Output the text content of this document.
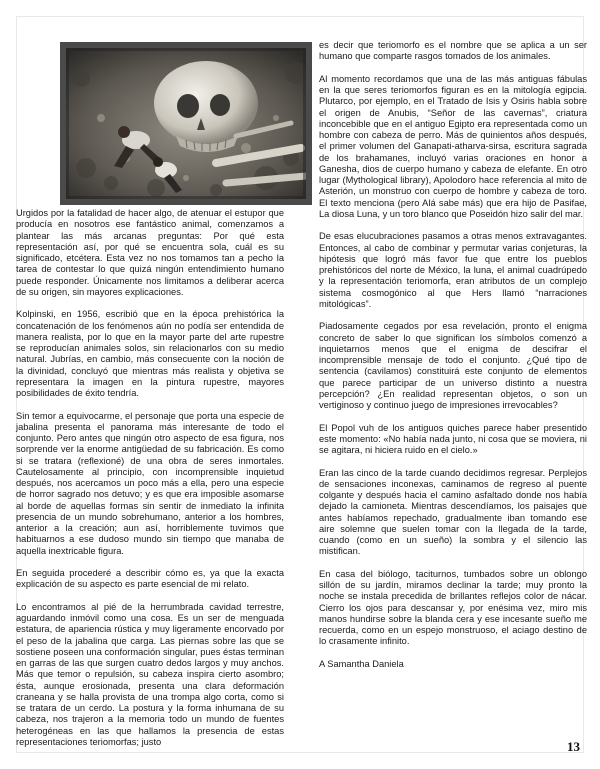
Urgidos por la fatalidad de hacer algo, de atenuar el estupor que producía en nosotros ese fantástico animal, comenzamos a plantear las más arcanas preguntas: Por qué esta representación así, por qué se encuentra sola, cuál es su significado, etcétera. Esta vez no nos tomamos tan a pecho la tarea de contestar lo que quizá ningún entendimiento humano puede responder. Únicamente nos limitamos a deliberar acerca de su origen, sin mayores explicaciones.

Kolpinski, en 1956, escribió que en la época prehistórica la concatenación de los fenómenos aún no podía ser entendida de manera realista, por lo que en la mayor parte del arte rupestre se reproducían animales solos, sin relacionarlos con su medio natural. Jubrías, en cambio, más consecuente con la noción de la divinidad, concluyó que mientras más realista y objetiva se representara la imagen en la pintura rupestre, mayores posibilidades de éxito tendría.

Sin temor a equivocarme, el personaje que porta una especie de jabalina presenta el panorama más interesante de todo el conjunto. Pero antes que ningún otro aspecto de esa figura, nos sorprende ver la enorme antigüedad de su fabricación. Es como si se tratara (reflexioné) de una obra de seres inmortales. Cautelosamente al principio, con incomprensible inquietud después, nos acercamos un poco más a ella, pero una especie de horror sagrado nos detuvo; y es que era imposible asomarse al borde de aquellas formas sin sentir de inmediato la infinita presencia de un mundo sobrehumano, anterior a los hombres, anterior a la creación; aun así, horriblemente tuvimos que habituarnos a ese dudoso mundo sin tiempo que manaba de aquella inextricable figura.

En seguida procederé a describir cómo es, ya que la exacta explicación de su aspecto es parte esencial de mi relato.

Lo encontramos al pié de la herrumbrada cavidad terrestre, aguardando inmóvil como una cosa. Es un ser de menguada estatura, de apariencia rústica y muy ligeramente encorvado por el peso de la jabalina que carga. Las piernas sobre las que se sostiene poseen una conformación singular, pues éstas terminan en garras de las que surgen cuatro dedos largos y muy anchos. Más que temor o repulsión, su cabeza inspira cierto asombro; ésta, aunque erosionada, presenta una clara deformación craneana y se halla provista de una trompa algo corta, como si se tratara de un cerdo. La postura y la forma inhumana de su cabeza, nos trajeron a la memoria todo un mundo de fuentes heterogéneas en las que hallamos la presencia de estas representaciones teriomorfas; justo

es decir que teriomorfo es el nombre que se aplica a un ser humano que comparte rasgos tomados de los animales.

Al momento recordamos que una de las más antiguas fábulas en la que seres teriomorfos figuran es en la mitología egipcia. Plutarco, por ejemplo, en el Tratado de Isis y Osiris habla sobre el origen de Anubis, “Señor de las cavernas”, criatura inconcebible que en el antiguo Egipto era representada como un hombre con cabeza de perro. Más de quinientos años después, el primer volumen del Ganapati-atharva-sirsa, escritura sagrada de los brahamanes, incluyó varias oraciones en honor a Ganesha, dios de cuerpo humano y cabeza de elefante. En otro lugar (Mythological library), Apolodoro hace referencia al mito de Asterión, un monstruo con cuerpo de hombre y cabeza de toro. El texto menciona (pero Alá sabe más) que era hijo de Pasifae, La diosa Luna, y un toro blanco que Poseidón hizo salir del mar.

De esas elucubraciones pasamos a otras menos extravagantes. Entonces, al cabo de combinar y permutar varias conjeturas, la hipótesis que logró más favor fue que entre los pueblos prehistóricos del norte de México, la luna, el animal cuadrúpedo y la representación teriomorfa, eran atributos de un complejo sistema cosmogónico al que Hers llamó “narraciones mitológicas”.

Piadosamente cegados por esa revelación, pronto el enigma concreto de saber lo que significan los símbolos comenzó a inquietarnos menos que el enigma de descifrar el incomprensible mensaje de todo el conjunto. ¿Qué tipo de sentencia (cavilamos) constituirá este conjunto de elementos que parece participar de un universo distinto a nuestra percepción? ¿En realidad representan objetos, o son un vertiginoso y continuo juego de impresiones irrevocables?

El Popol vuh de los antiguos quiches parece haber presentido este momento: «No había nada junto, ni cosa que se moviera, ni se agitara, ni hiciera ruido en el cielo.»

Eran las cinco de la tarde cuando decidimos regresar. Perplejos de sensaciones inconexas, caminamos de regreso al puente colgante y después hacia el camino asfaltado donde nos había dejado la camioneta. Mientras descendíamos, los paisajes que antes habíamos repechado, gradualmente iban tomando ese aire solemne que suelen tomar con la llegada de la tarde, cuando (como en un sueño) la sombra y el silencio las mistifican.

En casa del biólogo, taciturnos, tumbados sobre un oblongo sillón de su jardín, miramos declinar la tarde; muy pronto la noche se instala precedida de brillantes reflejos color de nácar. Cierro los ojos para descansar y, por enésima vez, miro mis manos hundirse sobre la blanda cera y ese incesante sueño me recuerda, como en un espejo monstruoso, el aciago destino de lo crasamente infinito.

A Samantha Daniela

13
